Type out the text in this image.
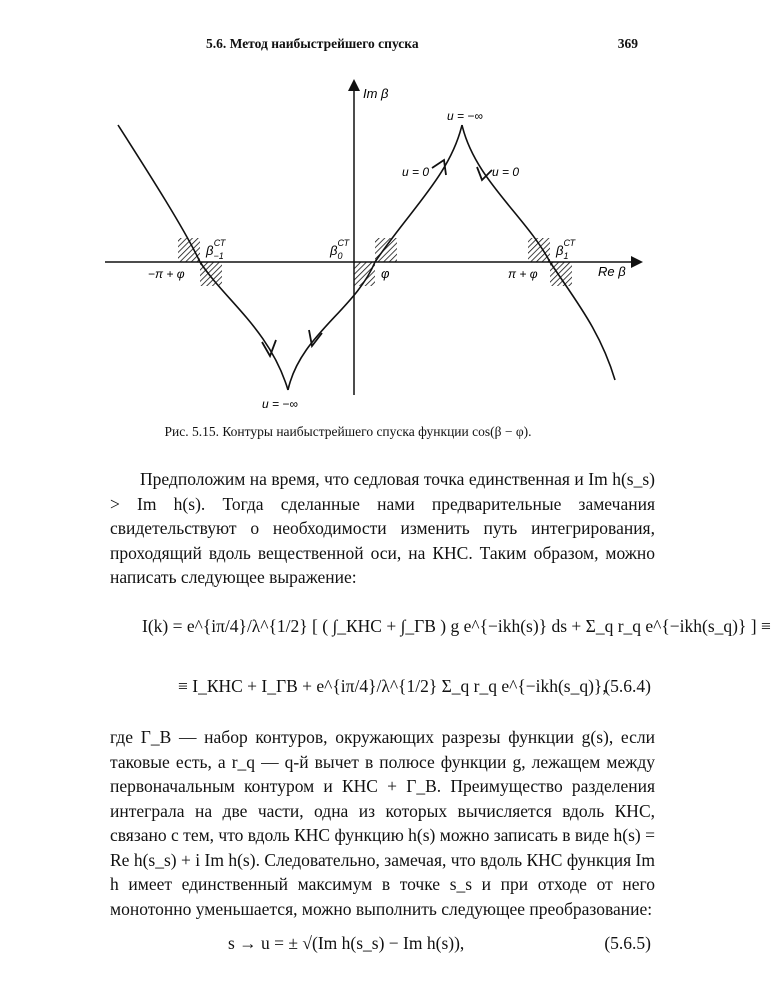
5.6. Метод наибыстрейшего спуска	369
Im β
Re β
u = −∞
u = −∞
u = 0	u = 0
$\beta_{-1}СТ$	$\beta_0СТ$	$\beta_1СТ$
φ
−π + φ	π + φ
Рис. 5.15. Контуры наибыстрейшего спуска функции cos(β − φ).
Предположим на время, что седловая точка единственная и Im h(s_s) > Im h(s). Тогда сделанные нами предварительные замечания свидетельствуют о необходимости изменить путь интегрирования, проходящий вдоль вещественной оси, на КНС. Таким образом, можно написать следующее выражение:
I(k) = e^{iπ/4}/λ^{1/2} [ ( ∫_КНС + ∫_ΓВ ) g e^{−ikh(s)} ds + Σ_q r_q e^{−ikh(s_q)} ] ≡
≡ I_КНС + I_ΓВ + e^{iπ/4}/λ^{1/2} Σ_q r_q e^{−ikh(s_q)},
(5.6.4)
где Γ_В — набор контуров, окружающих разрезы функции g(s), если таковые есть, а r_q — q-й вычет в полюсе функции g, лежащем между первоначальным контуром и КНС + Γ_В. Преимущество разделения интеграла на две части, одна из которых вычисляется вдоль КНС, связано с тем, что вдоль КНС функцию h(s) можно записать в виде h(s) = Re h(s_s) + i Im h(s). Следовательно, замечая, что вдоль КНС функция Im h имеет единственный максимум в точке s_s и при отходе от него монотонно уменьшается, можно выполнить следующее преобразование:
s → u = ± √(Im h(s_s) − Im h(s)),	(5.6.5)
